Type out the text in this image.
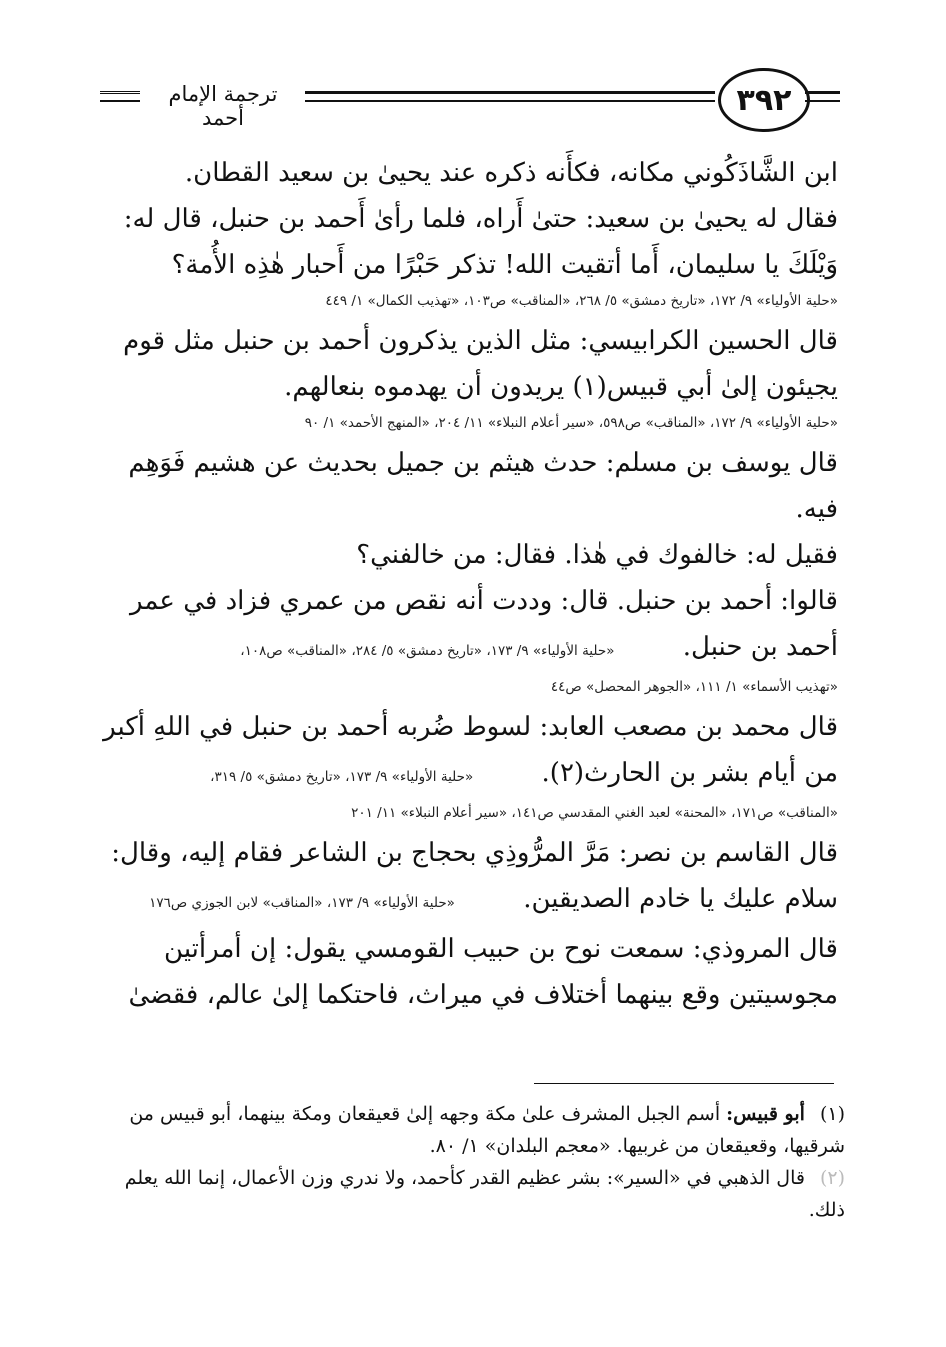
ترجمة الإمام أحمد
٣٩٢

ابن الشَّاذَكُوني مكانه، فكأَنه ذكره عند يحيىٰ بن سعيد القطان.

فقال له يحيىٰ بن سعيد: حتىٰ أَراه، فلما رأىٰ أَحمد بن حنبل، قال له:

وَيْلَكَ يا سليمان، أَما أتقيت الله! تذكر حَبْرًا من أَحبار هٰذِه الأُمة؟

«حلية الأولياء» ٩/ ١٧٢، «تاريخ دمشق» ٥/ ٢٦٨، «المناقب» ص١٠٣، «تهذيب الكمال» ١/ ٤٤٩

قال الحسين الكرابيسي: مثل الذين يذكرون أحمد بن حنبل مثل قوم

يجيئون إلىٰ أبي قبيس(١) يريدون أن يهدموه بنعالهم.

«حلية الأولياء» ٩/ ١٧٢، «المناقب» ص٥٩٨، «سير أعلام النبلاء» ١١/ ٢٠٤، «المنهج الأحمد» ١/ ٩٠

قال يوسف بن مسلم: حدث هيثم بن جميل بحديث عن هشيم فَوَهِم فيه.

فقيل له: خالفوك في هٰذا. فقال: من خالفني؟

قالوا: أحمد بن حنبل. قال: وددت أنه نقص من عمري فزاد في عمر

أحمد بن حنبل. «حلية الأولياء» ٩/ ١٧٣، «تاريخ دمشق» ٥/ ٢٨٤، «المناقب» ص١٠٨،

«تهذيب الأسماء» ١/ ١١١، «الجوهر المحصل» ص٤٤

قال محمد بن مصعب العابد: لسوط ضُربه أحمد بن حنبل في اللهِ أكبر

من أيام بشر بن الحارث(٢). «حلية الأولياء» ٩/ ١٧٣، «تاريخ دمشق» ٥/ ٣١٩،

«المناقب» ص١٧١، «المحنة» لعبد الغني المقدسي ص١٤١، «سير أعلام النبلاء» ١١/ ٢٠١

قال القاسم بن نصر: مَرَّ المرُّوذِي بحجاج بن الشاعر فقام إليه، وقال:

سلام عليك يا خادم الصديقين. «حلية الأولياء» ٩/ ١٧٣، «المناقب» لابن الجوزي ص١٧٦

قال المروذي: سمعت نوح بن حبيب القومسي يقول: إن أمرأتين

مجوسيتين وقع بينهما أختلاف في ميراث، فاحتكما إلىٰ عالم، فقضىٰ

(١) أبو قبيس: أسم الجبل المشرف علىٰ مكة وجهه إلىٰ قعيقعان ومكة بينهما، أبو قبيس من شرقيها، وقعيقعان من غربيها. «معجم البلدان» ١/ ٨٠.
(٢) قال الذهبي في «السير»: بشر عظيم القدر كأحمد، ولا ندري وزن الأعمال، إنما الله يعلم ذلك.
